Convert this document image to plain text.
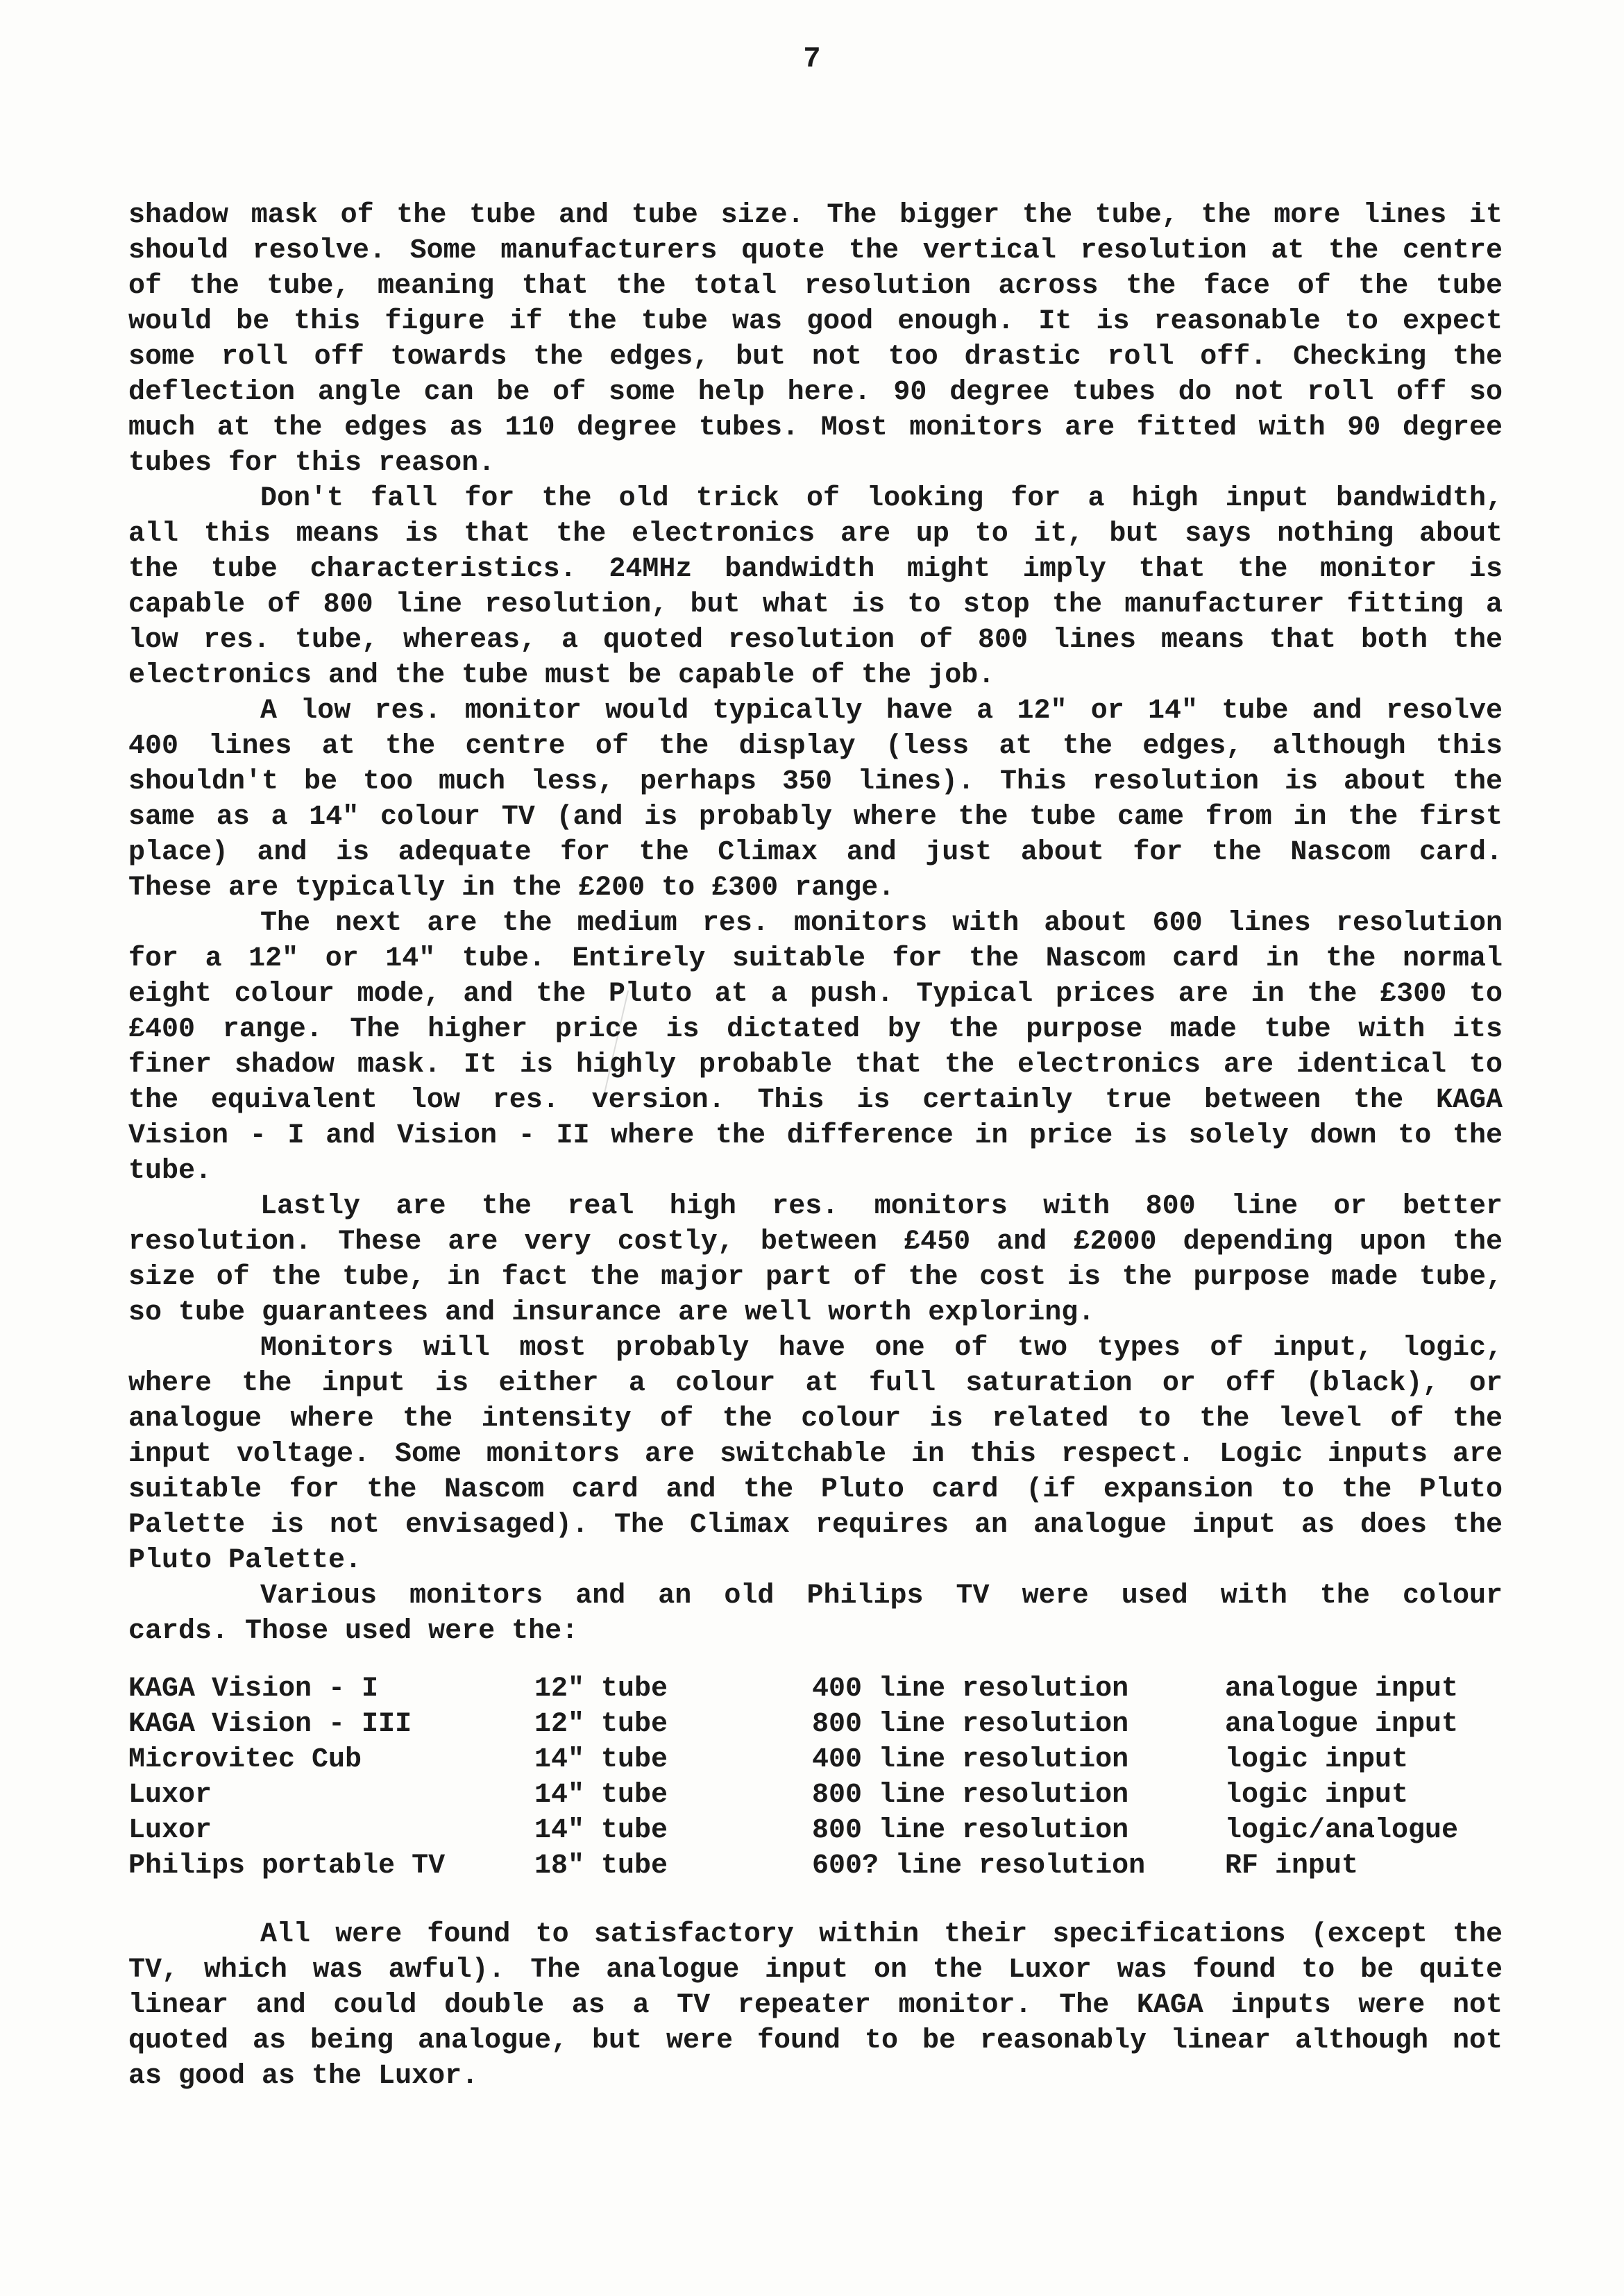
7
shadow mask of the tube and tube size. The bigger the tube, the more lines it
should resolve. Some manufacturers quote the vertical resolution at the centre
of the tube, meaning that the total resolution across the face of the tube
would be this figure if the tube was good enough. It is reasonable to expect
some roll off towards the edges, but not too drastic roll off. Checking the
deflection angle can be of some help here. 90 degree tubes do not roll off so
much at the edges as 110 degree tubes. Most monitors are fitted with 90 degree
tubes for this reason.
Don't fall for the old trick of looking for a high input bandwidth,
all this means is that the electronics are up to it, but says nothing about
the tube characteristics. 24MHz bandwidth might imply that the monitor is
capable of 800 line resolution, but what is to stop the manufacturer fitting a
low res. tube, whereas, a quoted resolution of 800 lines means that both the
electronics and the tube must be capable of the job.
A low res. monitor would typically have a 12" or 14" tube and resolve
400 lines at the centre of the display (less at the edges, although this
shouldn't be too much less, perhaps 350 lines). This resolution is about the
same as a 14" colour TV (and is probably where the tube came from in the first
place) and is adequate for the Climax and just about for the Nascom card.
These are typically in the £200 to £300 range.
The next are the medium res. monitors with about 600 lines resolution
for a 12" or 14" tube. Entirely suitable for the Nascom card in the normal
eight colour mode, and the Pluto at a push. Typical prices are in the £300 to
£400 range. The higher price is dictated by the purpose made tube with its
finer shadow mask. It is highly probable that the electronics are identical to
the equivalent low res. version. This is certainly true between the KAGA
Vision - I and Vision - II where the difference in price is solely down to the
tube.
Lastly are the real high res. monitors with 800 line or better
resolution. These are very costly, between £450 and £2000 depending upon the
size of the tube, in fact the major part of the cost is the purpose made tube,
so tube guarantees and insurance are well worth exploring.
Monitors will most probably have one of two types of input, logic,
where the input is either a colour at full saturation or off (black), or
analogue where the intensity of the colour is related to the level of the
input voltage. Some monitors are switchable in this respect. Logic inputs are
suitable for the Nascom card and the Pluto card (if expansion to the Pluto
Palette is not envisaged). The Climax requires an analogue input as does the
Pluto Palette.
Various monitors and an old Philips TV were used with the colour
cards. Those used were the:
KAGA Vision - I	12" tube	400 line resolution	analogue input
KAGA Vision - III	12" tube	800 line resolution	analogue input
Microvitec Cub	14" tube	400 line resolution	logic input
Luxor	14" tube	800 line resolution	logic input
Luxor	14" tube	800 line resolution	logic/analogue
Philips portable TV	18" tube	600? line resolution	RF input
All were found to satisfactory within their specifications (except the
TV, which was awful). The analogue input on the Luxor was found to be quite
linear and could double as a TV repeater monitor. The KAGA inputs were not
quoted as being analogue, but were found to be reasonably linear although not
as good as the Luxor.
